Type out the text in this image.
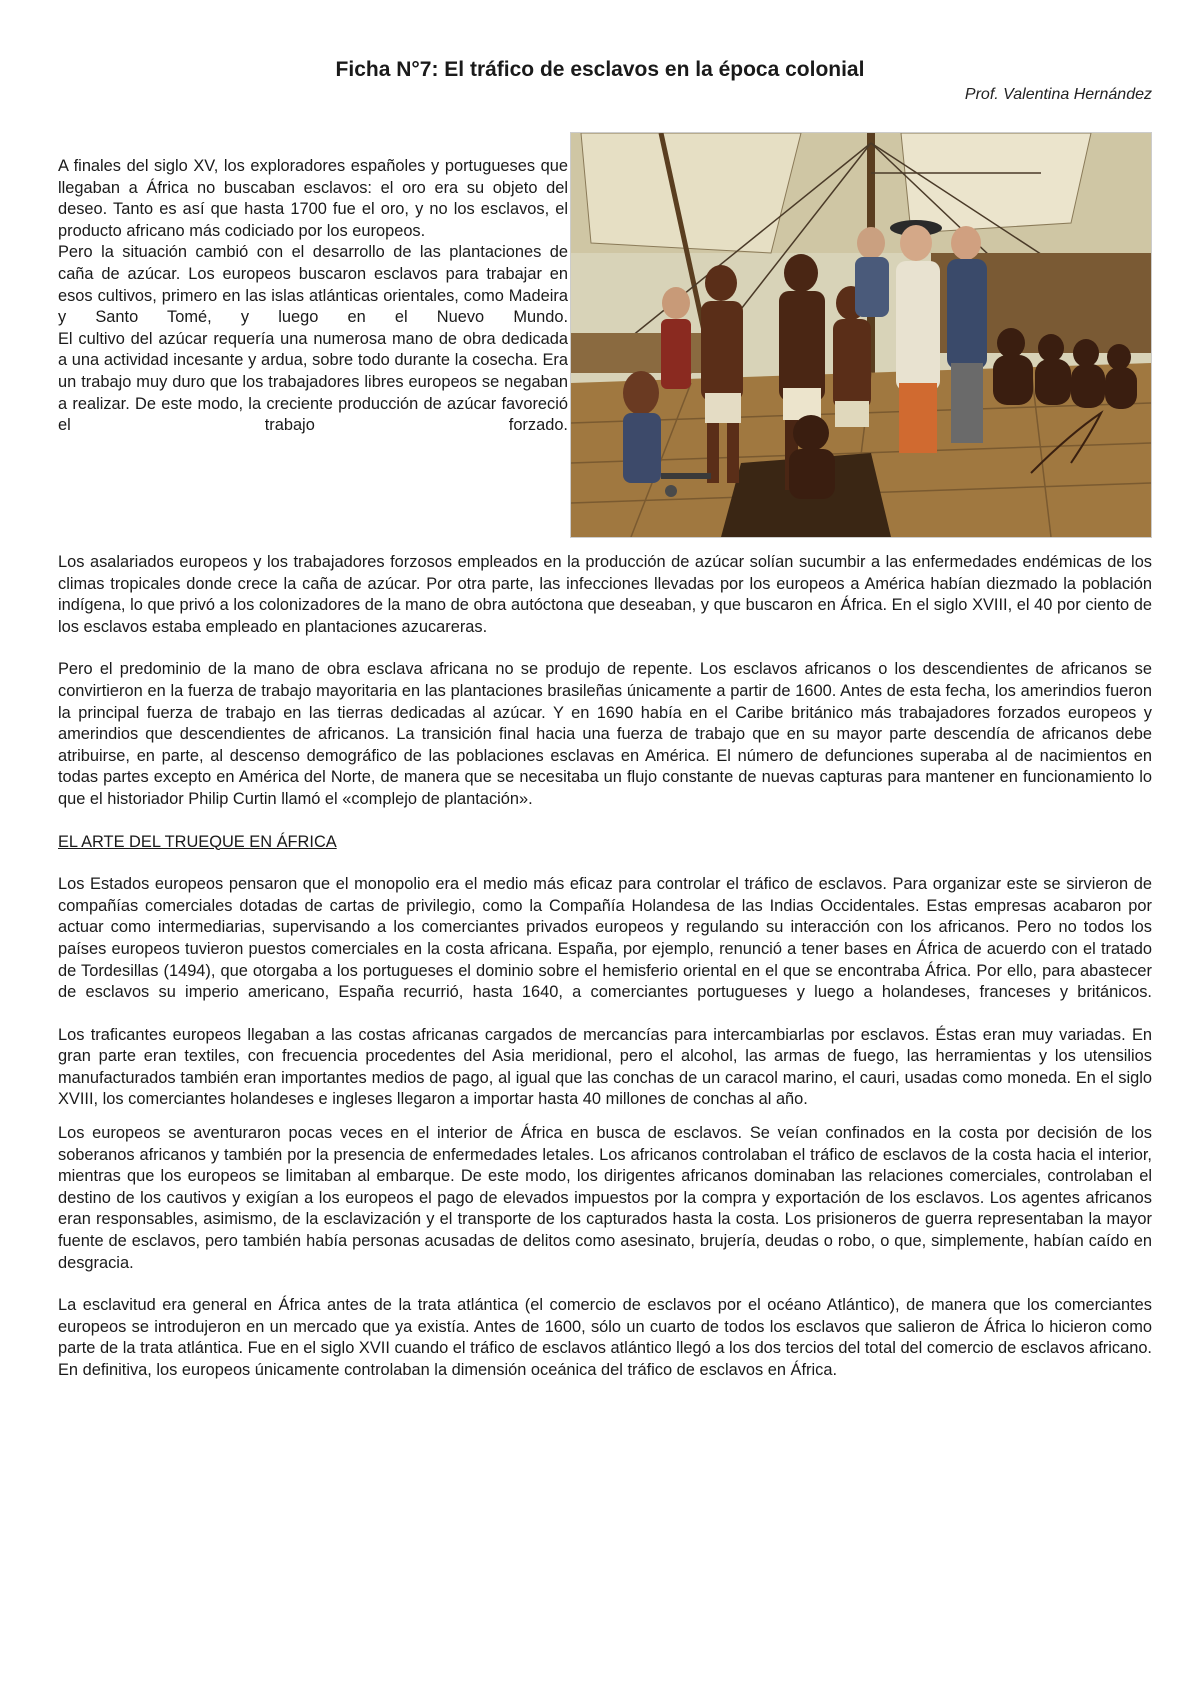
Ficha N°7: El tráfico de esclavos en la época colonial

Prof. Valentina Hernández

A finales del siglo XV, los exploradores españoles y portugueses que llegaban a África no buscaban esclavos: el oro era su objeto del deseo. Tanto es así que hasta 1700 fue el oro, y no los esclavos, el producto africano más codiciado por los europeos.

Pero la situación cambió con el desarrollo de las plantaciones de caña de azúcar. Los europeos buscaron esclavos para trabajar en esos cultivos, primero en las islas atlánticas orientales, como Madeira y Santo Tomé, y luego en el Nuevo Mundo.

El cultivo del azúcar requería una numerosa mano de obra dedicada a una actividad incesante y ardua, sobre todo durante la cosecha. Era un trabajo muy duro que los trabajadores libres europeos se negaban a realizar. De este modo, la creciente producción de azúcar favoreció el trabajo forzado.

Los asalariados europeos y los trabajadores forzosos empleados en la producción de azúcar solían sucumbir a las enfermedades endémicas de los climas tropicales donde crece la caña de azúcar. Por otra parte, las infecciones llevadas por los europeos a América habían diezmado la población indígena, lo que privó a los colonizadores de la mano de obra autóctona que deseaban, y que buscaron en África. En el siglo XVIII, el 40 por ciento de los esclavos estaba empleado en plantaciones azucareras.

Pero el predominio de la mano de obra esclava africana no se produjo de repente. Los esclavos africanos o los descendientes de africanos se convirtieron en la fuerza de trabajo mayoritaria en las plantaciones brasileñas únicamente a partir de 1600. Antes de esta fecha, los amerindios fueron la principal fuerza de trabajo en las tierras dedicadas al azúcar. Y en 1690 había en el Caribe británico más trabajadores forzados europeos y amerindios que descendientes de africanos. La transición final hacia una fuerza de trabajo que en su mayor parte descendía de africanos debe atribuirse, en parte, al descenso demográfico de las poblaciones esclavas en América. El número de defunciones superaba al de nacimientos en todas partes excepto en América del Norte, de manera que se necesitaba un flujo constante de nuevas capturas para mantener en funcionamiento lo que el historiador Philip Curtin llamó el «complejo de plantación».

EL ARTE DEL TRUEQUE EN ÁFRICA

Los Estados europeos pensaron que el monopolio era el medio más eficaz para controlar el tráfico de esclavos. Para organizar este se sirvieron de compañías comerciales dotadas de cartas de privilegio, como la Compañía Holandesa de las Indias Occidentales. Estas empresas acabaron por actuar como intermediarias, supervisando a los comerciantes privados europeos y regulando su interacción con los africanos. Pero no todos los países europeos tuvieron puestos comerciales en la costa africana. España, por ejemplo, renunció a tener bases en África de acuerdo con el tratado de Tordesillas (1494), que otorgaba a los portugueses el dominio sobre el hemisferio oriental en el que se encontraba África. Por ello, para abastecer de esclavos su imperio americano, España recurrió, hasta 1640, a comerciantes portugueses y luego a holandeses, franceses y británicos.

Los traficantes europeos llegaban a las costas africanas cargados de mercancías para intercambiarlas por esclavos. Éstas eran muy variadas. En gran parte eran textiles, con frecuencia procedentes del Asia meridional, pero el alcohol, las armas de fuego, las herramientas y los utensilios manufacturados también eran importantes medios de pago, al igual que las conchas de un caracol marino, el cauri, usadas como moneda. En el siglo XVIII, los comerciantes holandeses e ingleses llegaron a importar hasta 40 millones de conchas al año.

Los europeos se aventuraron pocas veces en el interior de África en busca de esclavos. Se veían confinados en la costa por decisión de los soberanos africanos y también por la presencia de enfermedades letales. Los africanos controlaban el tráfico de esclavos de la costa hacia el interior, mientras que los europeos se limitaban al embarque. De este modo, los dirigentes africanos dominaban las relaciones comerciales, controlaban el destino de los cautivos y exigían a los europeos el pago de elevados impuestos por la compra y exportación de los esclavos. Los agentes africanos eran responsables, asimismo, de la esclavización y el transporte de los capturados hasta la costa. Los prisioneros de guerra representaban la mayor fuente de esclavos, pero también había personas acusadas de delitos como asesinato, brujería, deudas o robo, o que, simplemente, habían caído en desgracia.

La esclavitud era general en África antes de la trata atlántica (el comercio de esclavos por el océano Atlántico), de manera que los comerciantes europeos se introdujeron en un mercado que ya existía. Antes de 1600, sólo un cuarto de todos los esclavos que salieron de África lo hicieron como parte de la trata atlántica. Fue en el siglo XVII cuando el tráfico de esclavos atlántico llegó a los dos tercios del total del comercio de esclavos africano. En definitiva, los europeos únicamente controlaban la dimensión oceánica del tráfico de esclavos en África.
